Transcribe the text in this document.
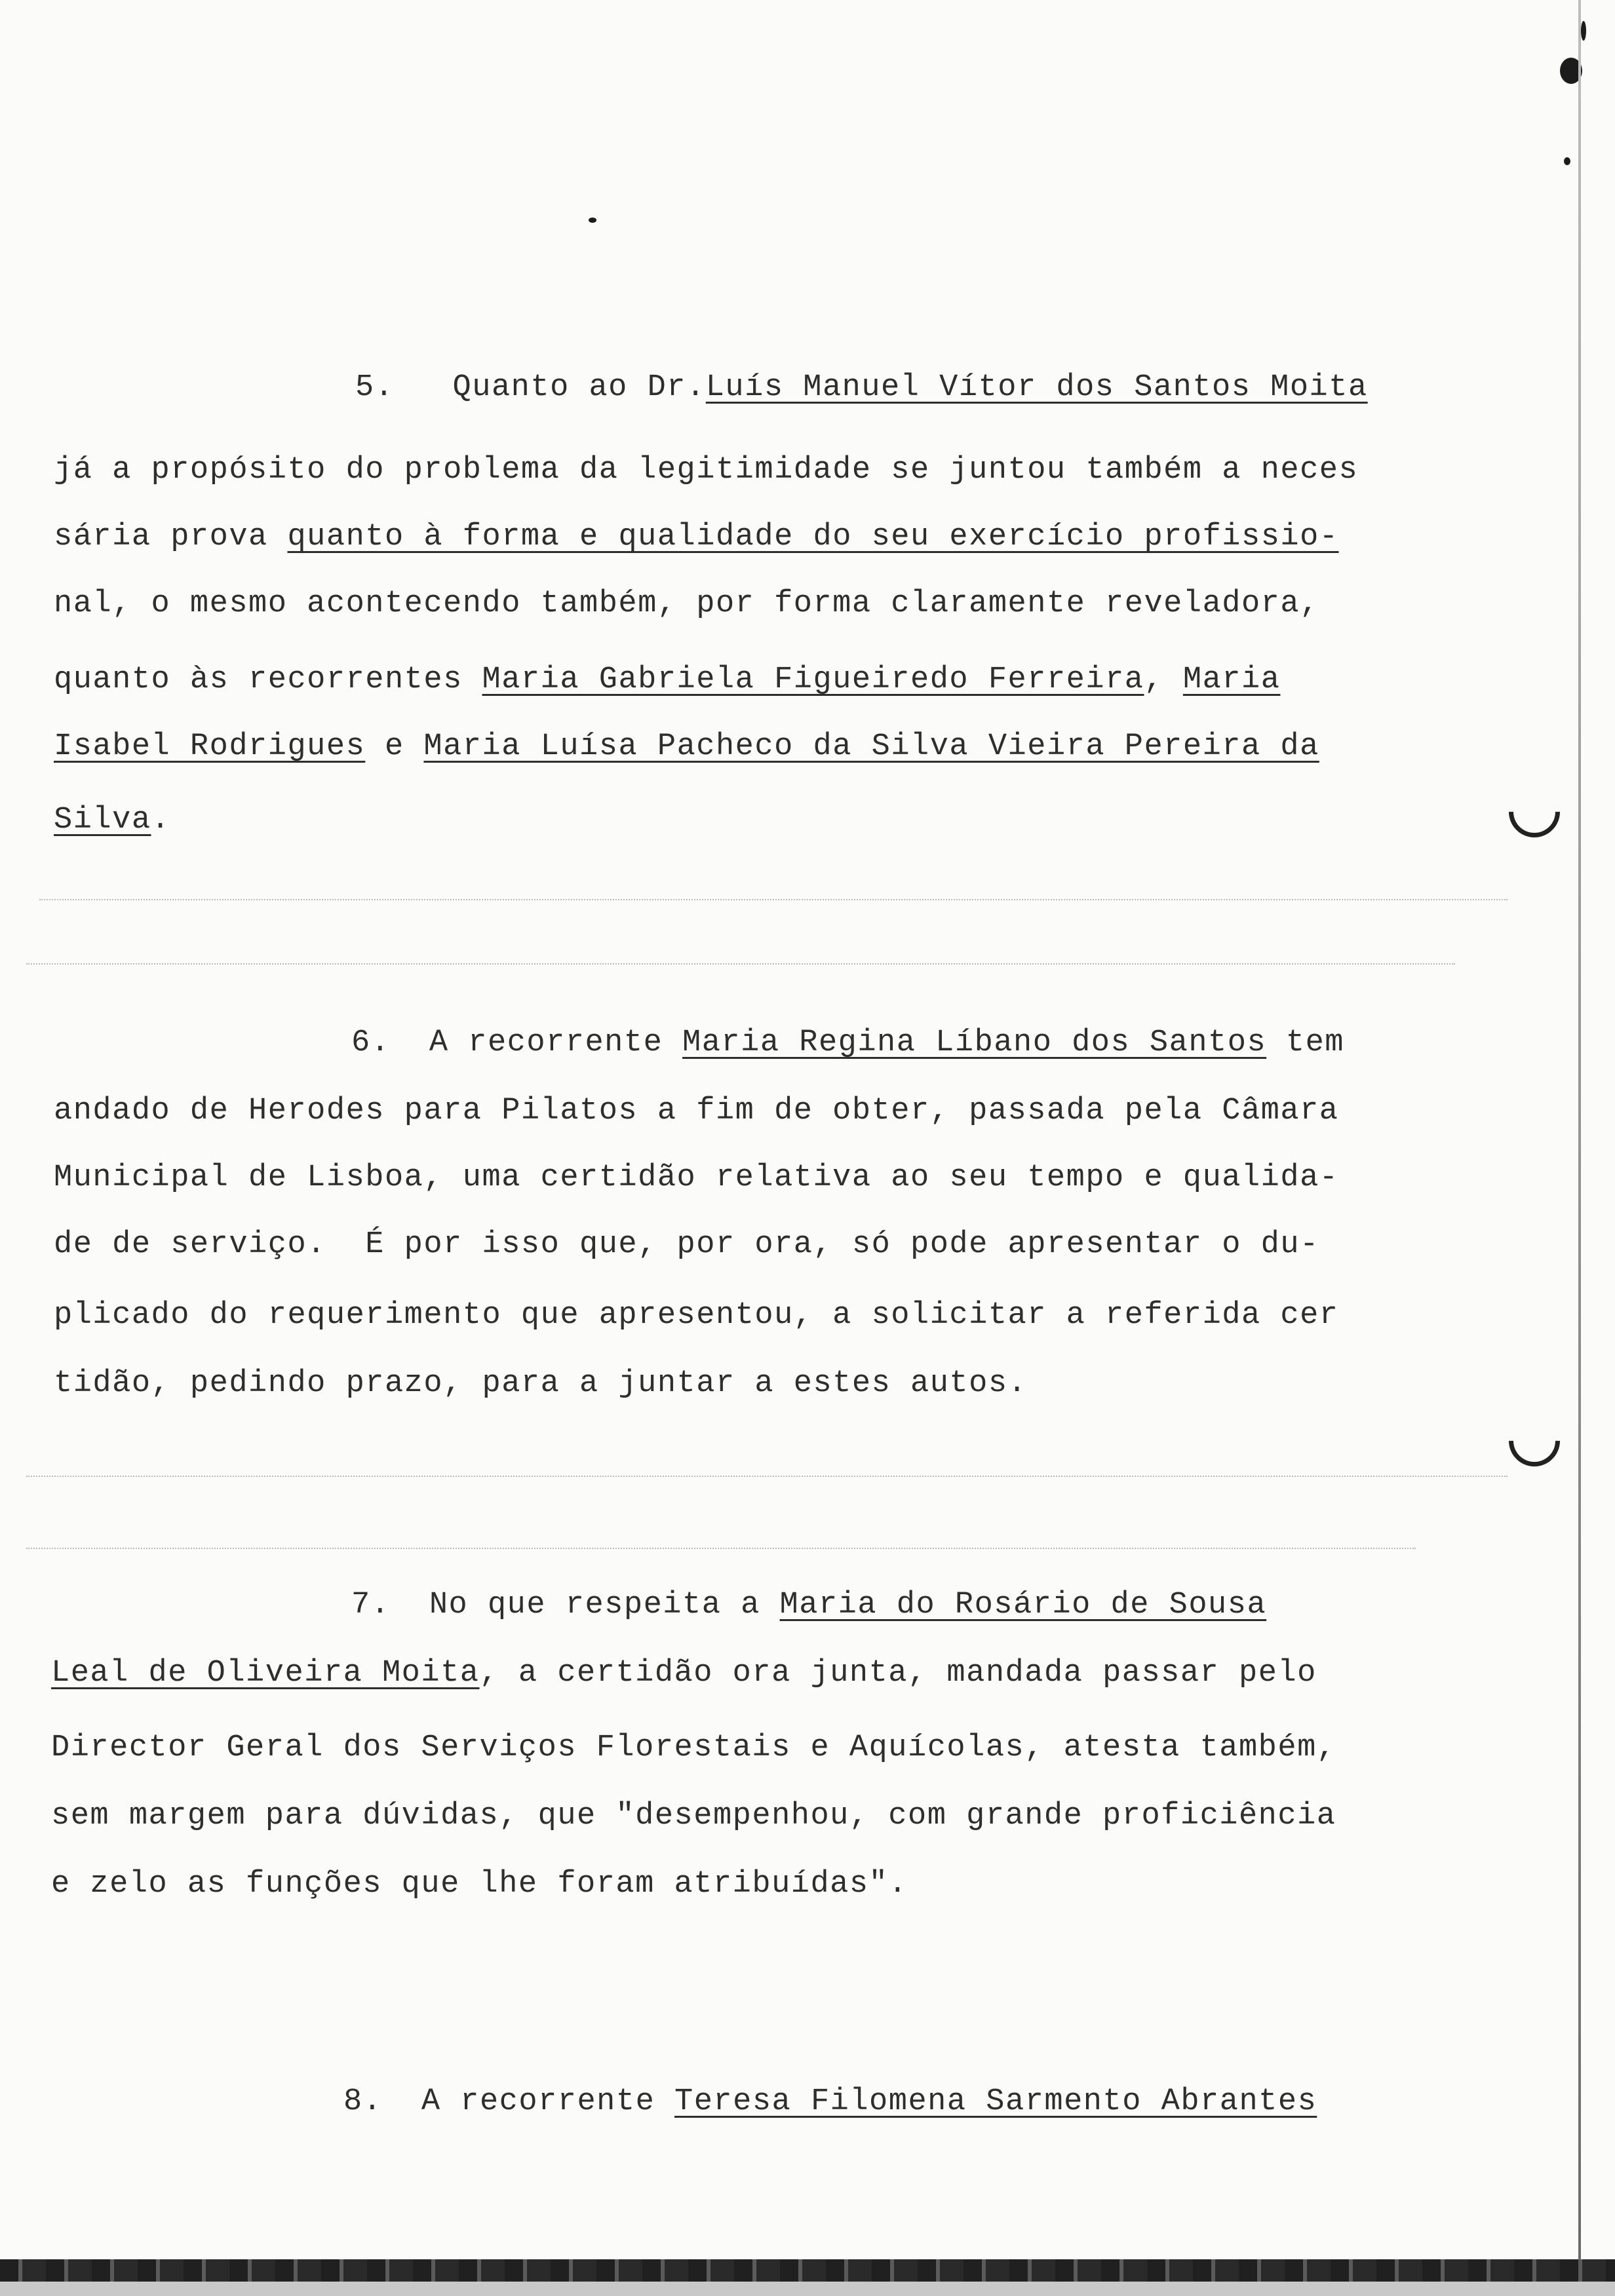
5. Quanto ao Dr.Luís Manuel Vítor dos Santos Moita
já a propósito do problema da legitimidade se juntou também a neces
sária prova quanto à forma e qualidade do seu exercício profissio-
nal, o mesmo acontecendo também, por forma claramente reveladora,
quanto às recorrentes Maria Gabriela Figueiredo Ferreira, Maria
Isabel Rodrigues e Maria Luísa Pacheco da Silva Vieira Pereira da
Silva.
6. A recorrente Maria Regina Líbano dos Santos tem
andado de Herodes para Pilatos a fim de obter, passada pela Câmara
Municipal de Lisboa, uma certidão relativa ao seu tempo e qualida-
de de serviço.  É por isso que, por ora, só pode apresentar o du-
plicado do requerimento que apresentou, a solicitar a referida cer
tidão, pedindo prazo, para a juntar a estes autos.
7. No que respeita a Maria do Rosário de Sousa
Leal de Oliveira Moita, a certidão ora junta, mandada passar pelo
Director Geral dos Serviços Florestais e Aquícolas, atesta também,
sem margem para dúvidas, que "desempenhou, com grande proficiência
e zelo as funções que lhe foram atribuídas".
8. A recorrente Teresa Filomena Sarmento Abrantes
